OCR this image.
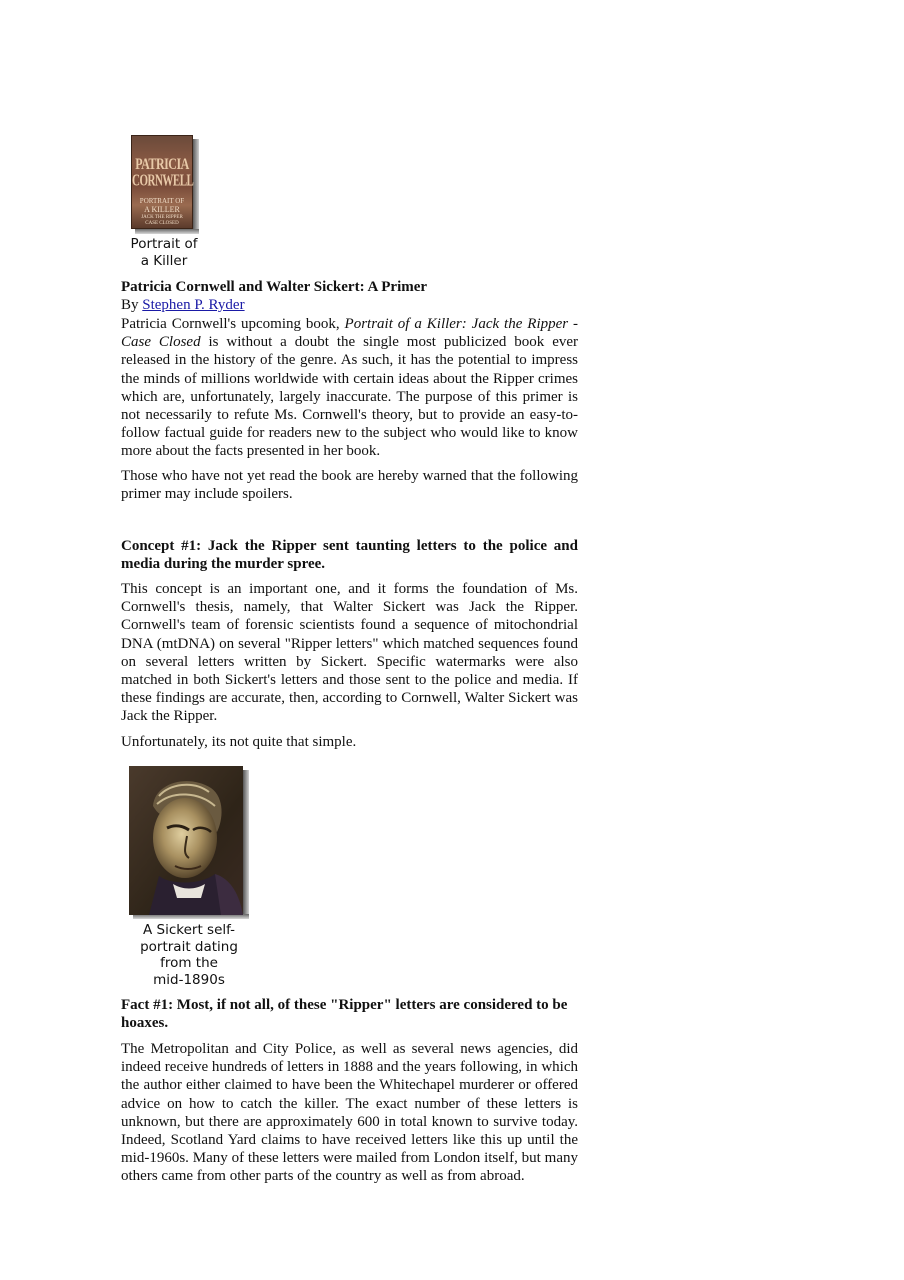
PATRICIA
CORNWELL
PORTRAIT OF
A KILLER
JACK THE RIPPER
CASE CLOSED
Portrait of
a Killer
Patricia Cornwell and Walter Sickert: A Primer
By Stephen P. Ryder

Patricia Cornwell's upcoming book, Portrait of a Killer: Jack the Ripper - Case Closed is without a doubt the single most publicized book ever released in the history of the genre. As such, it has the potential to impress the minds of millions worldwide with certain ideas about the Ripper crimes which are, unfortunately, largely inaccurate. The purpose of this primer is not necessarily to refute Ms. Cornwell's theory, but to provide an easy-to-follow factual guide for readers new to the subject who would like to know more about the facts presented in her book.

Those who have not yet read the book are hereby warned that the following primer may include spoilers.

Concept #1: Jack the Ripper sent taunting letters to the police and media during the murder spree.

This concept is an important one, and it forms the foundation of Ms. Cornwell's thesis, namely, that Walter Sickert was Jack the Ripper. Cornwell's team of forensic scientists found a sequence of mitochondrial DNA (mtDNA) on several "Ripper letters" which matched sequences found on several letters written by Sickert. Specific watermarks were also matched in both Sickert's letters and those sent to the police and media. If these findings are accurate, then, according to Cornwell, Walter Sickert was Jack the Ripper.

Unfortunately, its not quite that simple.

A Sickert self-
portrait dating
from the
mid-1890s
Fact #1: Most, if not all, of these "Ripper" letters are considered to be hoaxes.

The Metropolitan and City Police, as well as several news agencies, did indeed receive hundreds of letters in 1888 and the years following, in which the author either claimed to have been the Whitechapel murderer or offered advice on how to catch the killer. The exact number of these letters is unknown, but there are approximately 600 in total known to survive today. Indeed, Scotland Yard claims to have received letters like this up until the mid-1960s. Many of these letters were mailed from London itself, but many others came from other parts of the country as well as from abroad.
